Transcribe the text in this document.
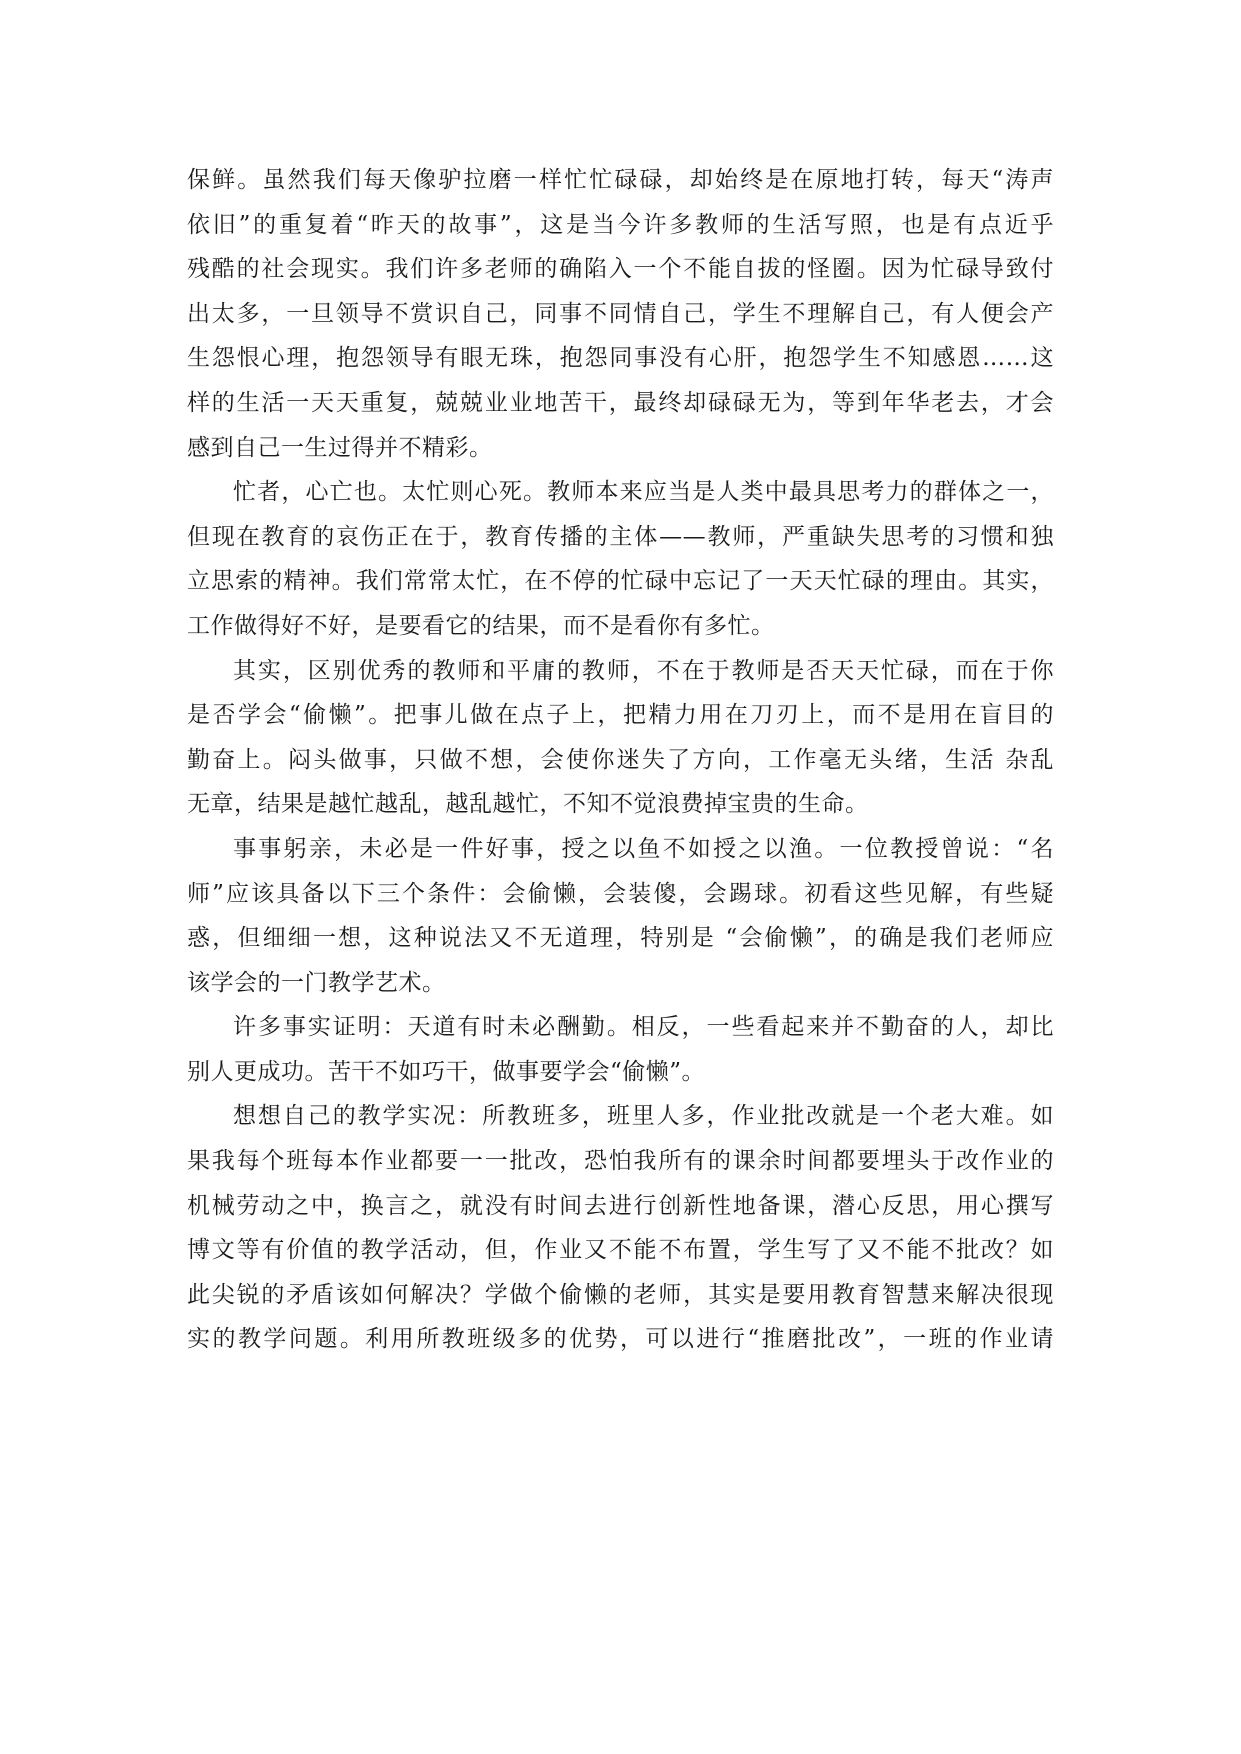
保鲜。虽然我们每天像驴拉磨一样忙忙碌碌，却始终是在原地打转，每天“涛声
依旧”的重复着“昨天的故事”，这是当今许多教师的生活写照，也是有点近乎
残酷的社会现实。我们许多老师的确陷入一个不能自拔的怪圈。因为忙碌导致付
出太多，一旦领导不赏识自己，同事不同情自己，学生不理解自己，有人便会产
生怨恨心理，抱怨领导有眼无珠，抱怨同事没有心肝，抱怨学生不知感恩……这
样的生活一天天重复，兢兢业业地苦干，最终却碌碌无为，等到年华老去，才会
感到自己一生过得并不精彩。
忙者，心亡也。太忙则心死。教师本来应当是人类中最具思考力的群体之一，
但现在教育的哀伤正在于，教育传播的主体——教师，严重缺失思考的习惯和独
立思索的精神。我们常常太忙，在不停的忙碌中忘记了一天天忙碌的理由。其实，
工作做得好不好，是要看它的结果，而不是看你有多忙。
其实，区别优秀的教师和平庸的教师，不在于教师是否天天忙碌，而在于你
是否学会“偷懒”。把事儿做在点子上，把精力用在刀刃上，而不是用在盲目的
勤奋上。闷头做事，只做不想，会使你迷失了方向，工作毫无头绪，生活 杂乱
无章，结果是越忙越乱，越乱越忙，不知不觉浪费掉宝贵的生命。
事事躬亲，未必是一件好事，授之以鱼不如授之以渔。一位教授曾说：“名
师”应该具备以下三个条件：会偷懒，会装傻，会踢球。初看这些见解，有些疑
惑，但细细一想，这种说法又不无道理，特别是 “会偷懒”，的确是我们老师应
该学会的一门教学艺术。
许多事实证明：天道有时未必酬勤。相反，一些看起来并不勤奋的人，却比
别人更成功。苦干不如巧干，做事要学会“偷懒”。
想想自己的教学实况：所教班多，班里人多，作业批改就是一个老大难。如
果我每个班每本作业都要一一批改，恐怕我所有的课余时间都要埋头于改作业的
机械劳动之中，换言之，就没有时间去进行创新性地备课，潜心反思，用心撰写
博文等有价值的教学活动，但，作业又不能不布置，学生写了又不能不批改？如
此尖锐的矛盾该如何解决？学做个偷懒的老师，其实是要用教育智慧来解决很现
实的教学问题。利用所教班级多的优势，可以进行“推磨批改”，一班的作业请
